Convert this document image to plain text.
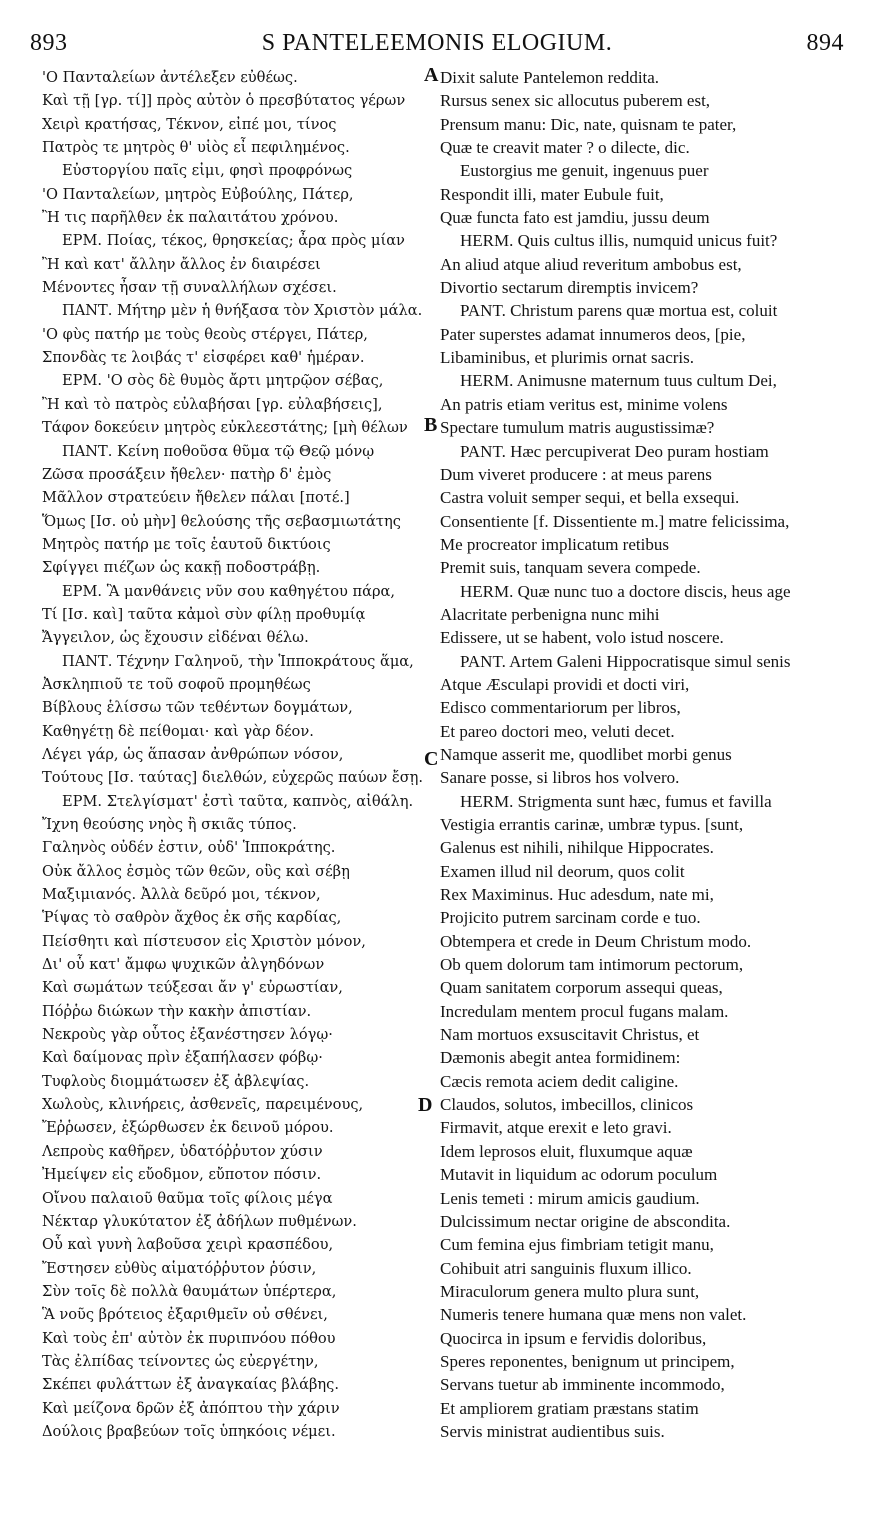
893	S PANTELEEMONIS ELOGIUM.	894
'Ο Πανταλείων ἀντέλεξεν εὐθέως.
Καὶ τῇ [γρ. τί]] πρὸς αὐτὸν ὁ πρεσβύτατος γέρων
Χειρὶ κρατήσας, Τέκνον, εἰπέ μοι, τίνος
Πατρὸς τε μητρὸς θ' υἱὸς εἶ πεφιλημένος.
Εὐστοργίου παῖς εἰμι, φησὶ προφρόνως
'Ο Πανταλείων, μητρὸς Εὐβούλης, Πάτερ,
Ἢ τις παρῆλθεν ἐκ παλαιτάτου χρόνου.
ΕΡΜ. Ποίας, τέκος, θρησκείας; ἆρα πρὸς μίαν
Ἢ καὶ κατ' ἄλλην ἄλλος ἐν διαιρέσει
Μένοντες ἦσαν τῇ συναλλήλων σχέσει.
ΠΑΝΤ. Μήτηρ μὲν ἡ θνήξασα τὸν Χριστὸν μάλα.
'Ο φὺς πατήρ με τοὺς θεοὺς στέργει, Πάτερ,
Σπονδὰς τε λοιβάς τ' εἰσφέρει καθ' ἡμέραν.
ΕΡΜ. 'Ο σὸς δὲ θυμὸς ἄρτι μητρῷον σέβας,
Ἢ καὶ τὸ πατρὸς εὐλαβήσαι [γρ. εὐλαβήσεις],
Τάφον δοκεύειν μητρὸς εὐκλεεστάτης; [μὴ θέλων
ΠΑΝΤ. Κείνη ποθοῦσα θῦμα τῷ Θεῷ μόνῳ
Ζῶσα προσάξειν ἤθελεν· πατὴρ δ' ἐμὸς
Μᾶλλον στρατεύειν ἤθελεν πάλαι [ποτέ.]
Ὅμως [Ισ. οὐ μὴν] θελούσης τῆς σεβασμιωτάτης
Μητρὸς πατήρ με τοῖς ἑαυτοῦ δικτύοις
Σφίγγει πιέζων ὡς κακῇ ποδοστράβῃ.
ΕΡΜ. Ἃ μανθάνεις νῦν σου καθηγέτου πάρα,
Τί [Ισ. καὶ] ταῦτα κἀμοὶ σὺν φίλῃ προθυμίᾳ
Ἄγγειλον, ὡς ἔχουσιν εἰδέναι θέλω.
ΠΑΝΤ. Τέχνην Γαληνοῦ, τὴν Ἱπποκράτους ἅμα,
Ἀσκληπιοῦ τε τοῦ σοφοῦ προμηθέως
Βίβλους ἑλίσσω τῶν τεθέντων δογμάτων,
Καθηγέτῃ δὲ πείθομαι· καὶ γὰρ δέον.
Λέγει γάρ, ὡς ἅπασαν ἀνθρώπων νόσον,
Τούτους [Ισ. ταύτας] διελθών, εὐχερῶς παύων ἔσῃ.
ΕΡΜ. Στελγίσματ' ἐστὶ ταῦτα, καπνὸς, αἰθάλη.
Ἴχνη θεούσης νηὸς ἢ σκιᾶς τύπος.
Γαληνὸς οὐδέν ἐστιν, οὐδ' Ἱπποκράτης.
Οὐκ ἄλλος ἐσμὸς τῶν θεῶν, οὓς καὶ σέβῃ
Μαξιμιανός. Ἀλλὰ δεῦρό μοι, τέκνον,
Ῥίψας τὸ σαθρὸν ἄχθος ἐκ σῆς καρδίας,
Πείσθητι καὶ πίστευσον εἰς Χριστὸν μόνον,
Δι' οὗ κατ' ἄμφω ψυχικῶν ἀλγηδόνων
Καὶ σωμάτων τεύξεσαι ἄν γ' εὐρωστίαν,
Πόῤῥω διώκων τὴν κακὴν ἀπιστίαν.
Νεκροὺς γὰρ οὗτος ἐξανέστησεν λόγῳ·
Καὶ δαίμονας πρὶν ἐξαπήλασεν φόβῳ·
Τυφλοὺς διομμάτωσεν ἐξ ἀβλεψίας.
Χωλοὺς, κλινήρεις, ἀσθενεῖς, παρειμένους,
Ἔῤῥωσεν, ἐξώρθωσεν ἐκ δεινοῦ μόρου.
Λεπροὺς καθῆρεν, ὑδατόῤῥυτον χύσιν
Ἠμείψεν εἰς εὔοδμον, εὔποτον πόσιν.
Οἴνου παλαιοῦ θαῦμα τοῖς φίλοις μέγα
Νέκταρ γλυκύτατον ἐξ ἀδήλων πυθμένων.
Οὗ καὶ γυνὴ λαβοῦσα χειρὶ κρασπέδου,
Ἔστησεν εὐθὺς αἱματόῤῥυτον ῥύσιν,
Σὺν τοῖς δὲ πολλὰ θαυμάτων ὑπέρτερα,
Ἃ νοῦς βρότειος ἐξαριθμεῖν οὐ σθένει,
Καὶ τοὺς ἐπ' αὐτὸν ἐκ πυριπνόου πόθου
Τὰς ἐλπίδας τείνοντες ὡς εὐεργέτην,
Σκέπει φυλάττων ἐξ ἀναγκαίας βλάβης.
Καὶ μείζονα δρῶν ἐξ ἀπόπτου τὴν χάριν
Δούλοις βραβεύων τοῖς ὑπηκόοις νέμει.
Dixit salute Pantelemon reddita.
Rursus senex sic allocutus puberem est,
Prensum manu: Dic, nate, quisnam te pater,
Quæ te creavit mater ? o dilecte, dic.
Eustorgius me genuit, ingenuus puer
Respondit illi, mater Eubule fuit,
Quæ functa fato est jamdiu, jussu deum
HERM. Quis cultus illis, numquid unicus fuit?
An aliud atque aliud reveritum ambobus est,
Divortio sectarum diremptis invicem?
PANT. Christum parens quæ mortua est, coluit
Pater superstes adamat innumeros deos, [pie,
Libaminibus, et plurimis ornat sacris.
HERM. Animusne maternum tuus cultum Dei,
An patris etiam veritus est, minime volens
Spectare tumulum matris augustissimæ?
PANT. Hæc percupiverat Deo puram hostiam
Dum viveret producere : at meus parens
Castra voluit semper sequi, et bella exsequi.
Consentiente [f. Dissentiente m.] matre felicissima,
Me procreator implicatum retibus
Premit suis, tanquam severa compede.
HERM. Quæ nunc tuo a doctore discis, heus age
Alacritate perbenigna nunc mihi
Edissere, ut se habent, volo istud noscere.
PANT. Artem Galeni Hippocratisque simul senis
Atque Æsculapi providi et docti viri,
Edisco commentariorum per libros,
Et pareo doctori meo, veluti decet.
Namque asserit me, quodlibet morbi genus
Sanare posse, si libros hos volvero.
HERM. Strigmenta sunt hæc, fumus et favilla
Vestigia errantis carinæ, umbræ typus. [sunt,
Galenus est nihili, nihilque Hippocrates.
Examen illud nil deorum, quos colit
Rex Maximinus. Huc adesdum, nate mi,
Projicito putrem sarcinam corde e tuo.
Obtempera et crede in Deum Christum modo.
Ob quem dolorum tam intimorum pectorum,
Quam sanitatem corporum assequi queas,
Incredulam mentem procul fugans malam.
Nam mortuos exsuscitavit Christus, et
Dæmonis abegit antea formidinem:
Cæcis remota aciem dedit caligine.
Claudos, solutos, imbecillos, clinicos
Firmavit, atque erexit e leto gravi.
Idem leprosos eluit, fluxumque aquæ
Mutavit in liquidum ac odorum poculum
Lenis temeti : mirum amicis gaudium.
Dulcissimum nectar origine de abscondita.
Cum femina ejus fimbriam tetigit manu,
Cohibuit atri sanguinis fluxum illico.
Miraculorum genera multo plura sunt,
Numeris tenere humana quæ mens non valet.
Quocirca in ipsum e fervidis doloribus,
Speres reponentes, benignum ut principem,
Servans tuetur ab imminente incommodo,
Et ampliorem gratiam præstans statim
Servis ministrat audientibus suis.
A
B
C
D
